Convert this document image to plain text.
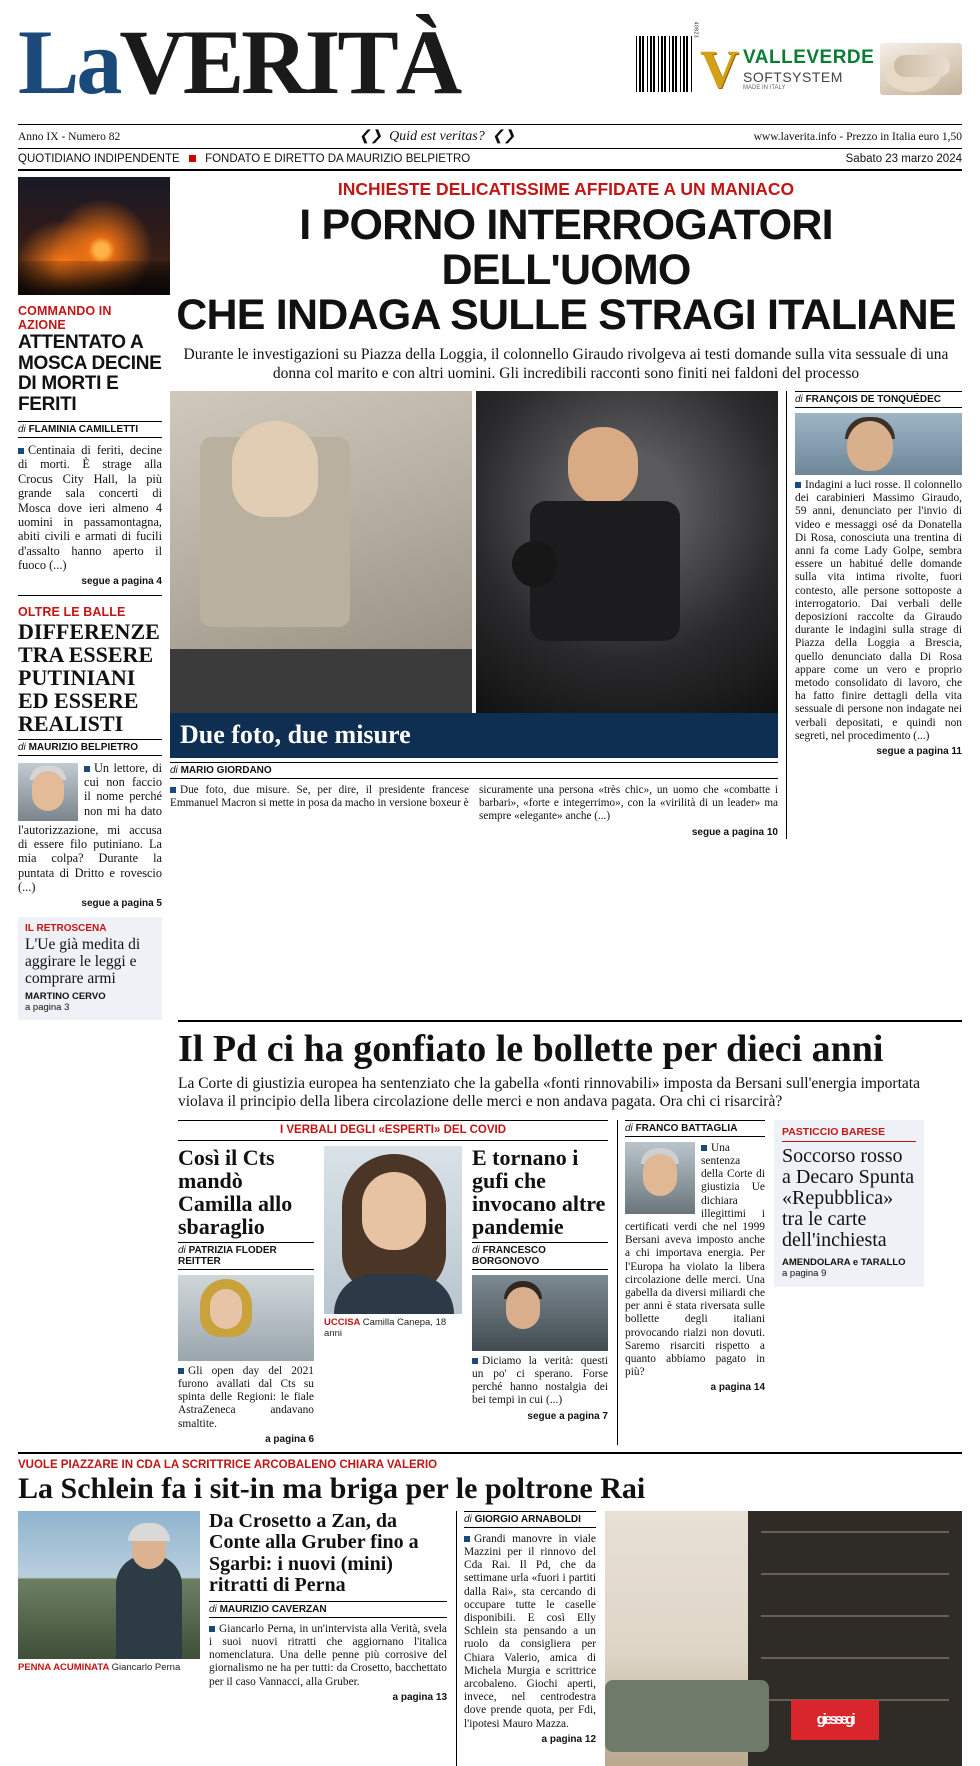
LaVERITÀ	40823
V VALLEVERDE
SOFTSYSTEM
MADE IN ITALY
Anno IX - Numero 82	❮❯  Quid est veritas?  ❮❯	www.laverita.info - Prezzo in Italia euro 1,50
QUOTIDIANO INDIPENDENTE FONDATO E DIRETTO DA MAURIZIO BELPIETRO	Sabato 23 marzo 2024
COMMANDO IN AZIONE
ATTENTATO A MOSCA DECINE DI MORTI E FERITI
di FLAMINIA CAMILLETTI
Centinaia di feriti, decine di morti. È strage alla Crocus City Hall, la più grande sala concerti di Mosca dove ieri almeno 4 uomini in passamontagna, abiti civili e armati di fucili d'assalto hanno aperto il fuoco (...)
segue a pagina 4
OLTRE LE BALLE
DIFFERENZE TRA ESSERE PUTINIANI ED ESSERE REALISTI
di MAURIZIO BELPIETRO
Un lettore, di cui non faccio il nome perché non mi ha dato l'autorizzazione, mi accusa di essere filo putiniano. La mia colpa? Durante la puntata di Dritto e rovescio (...)
segue a pagina 5
IL RETROSCENA
L'Ue già medita di aggirare le leggi e comprare armi
MARTINO CERVO
a pagina 3
INCHIESTE DELICATISSIME AFFIDATE A UN MANIACO
I PORNO INTERROGATORI DELL'UOMO
CHE INDAGA SULLE STRAGI ITALIANE
Durante le investigazioni su Piazza della Loggia, il colonnello Giraudo rivolgeva ai testi domande sulla vita sessuale di una donna col marito e con altri uomini. Gli incredibili racconti sono finiti nei faldoni del processo
Due foto, due misure
di MARIO GIORDANO
Due foto, due misure. Se, per dire, il presidente francese Emmanuel Macron si mette in posa da macho in versione boxeur è
sicuramente una persona «très chic», un uomo che «combatte i barbari», «forte e integerrimo», con la «virilità di un leader» ma sempre «elegante» anche (...)
segue a pagina 10
di FRANÇOIS DE TONQUÉDEC
Indagini a luci rosse. Il colonnello dei carabinieri Massimo Giraudo, 59 anni, denunciato per l'invio di video e messaggi osé da Donatella Di Rosa, conosciuta una trentina di anni fa come Lady Golpe, sembra essere un habitué delle domande sulla vita intima rivolte, fuori contesto, alle persone sottoposte a interrogatorio. Dai verbali delle deposizioni raccolte da Giraudo durante le indagini sulla strage di Piazza della Loggia a Brescia, quello denunciato dalla Di Rosa appare come un vero e proprio metodo consolidato di lavoro, che ha fatto finire dettagli della vita sessuale di persone non indagate nei verbali depositati, e quindi non segreti, nel procedimento (...)
segue a pagina 11
Il Pd ci ha gonfiato le bollette per dieci anni
La Corte di giustizia europea ha sentenziato che la gabella «fonti rinnovabili» imposta da Bersani sull'energia importata violava il principio della libera circolazione delle merci e non andava pagata. Ora chi ci risarcirà?
I VERBALI DEGLI «ESPERTI» DEL COVID
Così il Cts mandò Camilla allo sbaraglio
di PATRIZIA FLODER REITTER
Gli open day del 2021 furono avallati dal Cts su spinta delle Regioni: le fiale AstraZeneca andavano smaltite.
a pagina 6
UCCISA Camilla Canepa, 18 anni
E tornano i gufi che invocano altre pandemie
di FRANCESCO BORGONOVO
Diciamo la verità: questi un po' ci sperano. Forse perché hanno nostalgia dei bei tempi in cui (...)
segue a pagina 7
di FRANCO BATTAGLIA
Una sentenza della Corte di giustizia Ue dichiara illegittimi i certificati verdi che nel 1999 Bersani aveva imposto anche a chi importava energia. Per l'Europa ha violato la libera circolazione delle merci. Una gabella da diversi miliardi che per anni è stata riversata sulle bollette degli italiani provocando rialzi non dovuti. Saremo risarciti rispetto a quanto abbiamo pagato in più?
a pagina 14
PASTICCIO BARESE
Soccorso rosso a Decaro Spunta «Repubblica» tra le carte dell'inchiesta
AMENDOLARA e TARALLO
a pagina 9
VUOLE PIAZZARE IN CDA LA SCRITTRICE ARCOBALENO CHIARA VALERIO
La Schlein fa i sit-in ma briga per le poltrone Rai
PENNA ACUMINATA Giancarlo Perna
Da Crosetto a Zan, da Conte alla Gruber fino a Sgarbi: i nuovi (mini) ritratti di Perna
di MAURIZIO CAVERZAN
Giancarlo Perna, in un'intervista alla Verità, svela i suoi nuovi ritratti che aggiornano l'italica nomenclatura. Una delle penne più corrosive del giornalismo ne ha per tutti: da Crosetto, bacchettato per il caso Vannacci, alla Gruber.
a pagina 13
di GIORGIO ARNABOLDI
Grandi manovre in viale Mazzini per il rinnovo del Cda Rai. Il Pd, che da settimane urla «fuori i partiti dalla Rai», sta cercando di occupare tutte le caselle disponibili. E così Elly Schlein sta pensando a un ruolo da consigliera per Chiara Valerio, amica di Michela Murgia e scrittrice arcobaleno. Giochi aperti, invece, nel centrodestra dove prende quota, per Fdi, l'ipotesi Mauro Mazza.
a pagina 12
giessegi
